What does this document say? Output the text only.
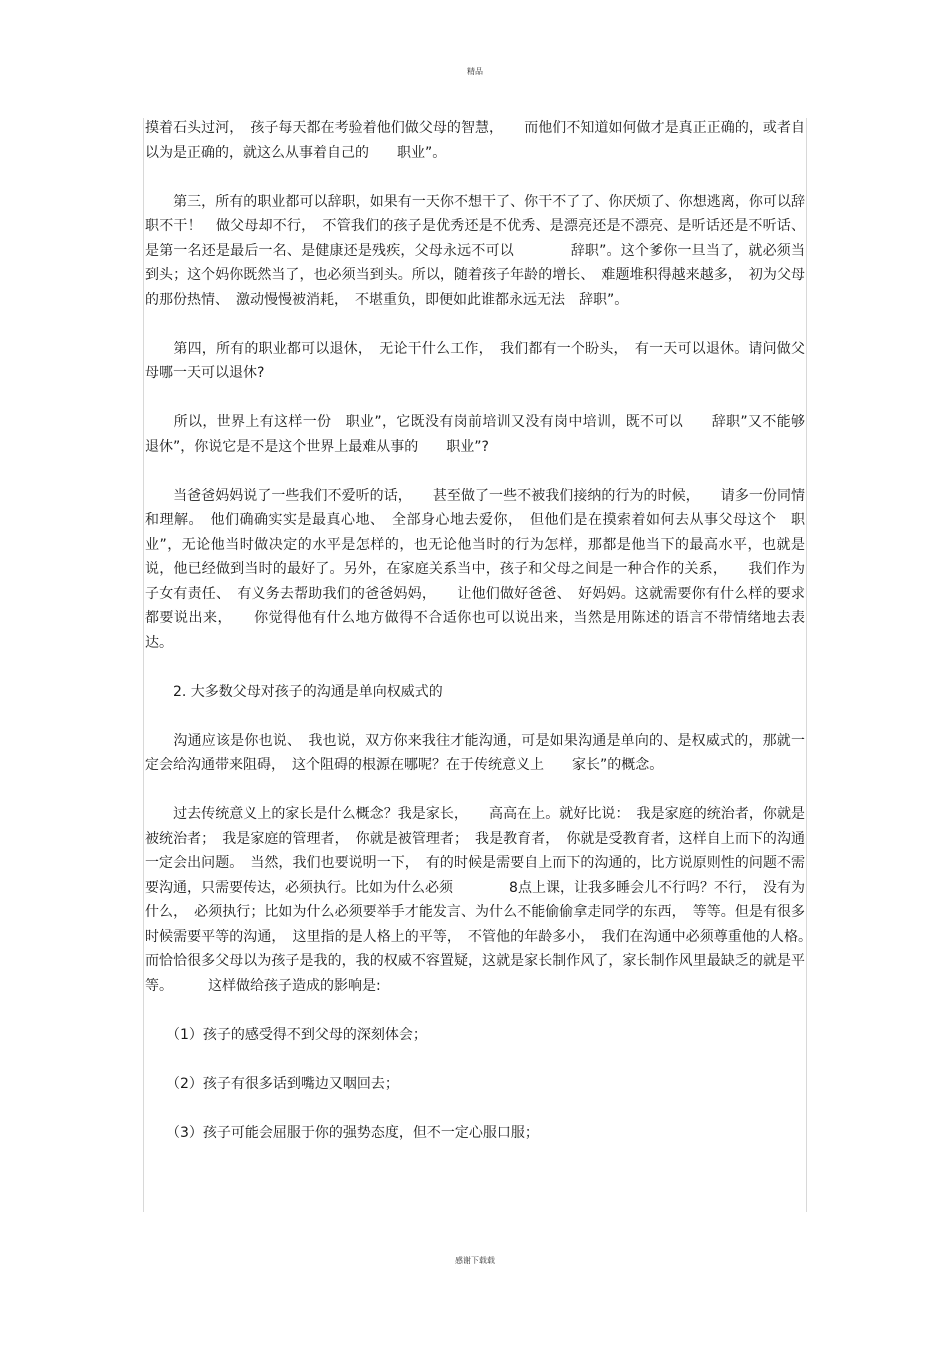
精品

摸着石头过河，　孩子每天都在考验着他们做父母的智慧，　　而他们不知道如何做才是真正正确的，或者自以为是正确的，就这么从事着自己的　　职业”。

　　第三，所有的职业都可以辞职，如果有一天你不想干了、你干不了了、你厌烦了、你想逃离，你可以辞职不干！　做父母却不行，　不管我们的孩子是优秀还是不优秀、是漂亮还是不漂亮、是听话还是不听话、是第一名还是最后一名、是健康还是残疾，父母永远不可以　　　　辞职”。这个爹你一旦当了，就必须当到头；这个妈你既然当了，也必须当到头。所以，随着孩子年龄的增长、　难题堆积得越来越多，　初为父母的那份热情、　激动慢慢被消耗，　不堪重负，即便如此谁都永远无法　辞职”。

　　第四，所有的职业都可以退休，　无论干什么工作，　我们都有一个盼头，　有一天可以退休。请问做父母哪一天可以退休?

　　所以，世界上有这样一份　职业”，它既没有岗前培训又没有岗中培训，既不可以　　辞职”又不能够　退休”，你说它是不是这个世界上最难从事的　　职业”?

　　当爸爸妈妈说了一些我们不爱听的话，　　甚至做了一些不被我们接纳的行为的时候，　　请多一份同情和理解。　他们确确实实是最真心地、　全部身心地去爱你，　但他们是在摸索着如何去从事父母这个　职业”，无论他当时做决定的水平是怎样的，也无论他当时的行为怎样，那都是他当下的最高水平，也就是说，他已经做到当时的最好了。另外，在家庭关系当中，孩子和父母之间是一种合作的关系，　　我们作为子女有责任、　有义务去帮助我们的爸爸妈妈，　　让他们做好爸爸、　好妈妈。这就需要你有什么样的要求都要说出来，　　你觉得他有什么地方做得不合适你也可以说出来，当然是用陈述的语言不带情绪地去表达。

　　2. 大多数父母对孩子的沟通是单向权威式的

　　沟通应该是你也说、　我也说，双方你来我往才能沟通，可是如果沟通是单向的、是权威式的，那就一定会给沟通带来阻碍，　这个阻碍的根源在哪呢？在于传统意义上　　家长”的概念。

　　过去传统意义上的家长是什么概念？我是家长，　　高高在上。就好比说：　我是家庭的统治者，你就是被统治者；　我是家庭的管理者，　你就是被管理者；　我是教育者，　你就是受教育者，这样自上而下的沟通一定会出问题。　当然，我们也要说明一下，　有的时候是需要自上而下的沟通的，比方说原则性的问题不需要沟通，只需要传达，必须执行。比如为什么必须　　　　8点上课，让我多睡会儿不行吗？不行，　没有为什么，　必须执行；比如为什么必须要举手才能发言、为什么不能偷偷拿走同学的东西，　等等。但是有很多时候需要平等的沟通，　这里指的是人格上的平等，　不管他的年龄多小，　我们在沟通中必须尊重他的人格。　而恰恰很多父母以为孩子是我的，我的权威不容置疑，这就是家长制作风了，家长制作风里最缺乏的就是平等。　　　这样做给孩子造成的影响是:

　　（1）孩子的感受得不到父母的深刻体会；

　　（2）孩子有很多话到嘴边又咽回去；

　　（3）孩子可能会屈服于你的强势态度，但不一定心服口服；

感谢下载载
